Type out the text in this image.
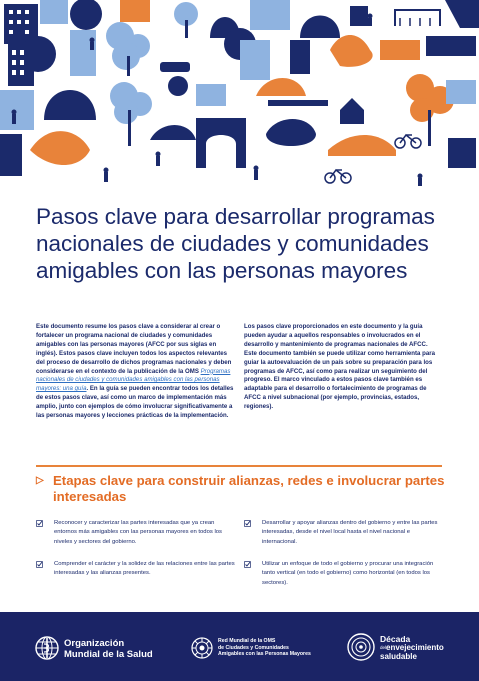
Pasos clave para desarrollar programas nacionales de ciudades y comunidades amigables con las personas mayores

Este documento resume los pasos clave a considerar al crear o fortalecer un programa nacional de ciudades y comunidades amigables con las personas mayores (AFCC por sus siglas en inglés). Estos pasos clave incluyen todos los aspectos relevantes del proceso de desarrollo de dichos programas nacionales y deben considerarse en el contexto de la publicación de la OMS Programas nacionales de ciudades y comunidades amigables con las personas mayores: una guía. En la guía se pueden encontrar todos los detalles de estos pasos clave, así como un marco de implementación más amplio, junto con ejemplos de cómo involucrar significativamente a las personas mayores y lecciones prácticas de la implementación.

Los pasos clave proporcionados en este documento y la guía pueden ayudar a aquellos responsables o involucrados en el desarrollo y mantenimiento de programas nacionales de AFCC. Este documento también se puede utilizar como herramienta para guiar la autoevaluación de un país sobre su preparación para los programas de AFCC, así como para realizar un seguimiento del progreso. El marco vinculado a estos pasos clave también es adaptable para el desarrollo o fortalecimiento de programas de AFCC a nivel subnacional (por ejemplo, provincias, estados, regiones).

▷ Etapas clave para construir alianzas, redes e involucrar partes interesadas
Reconocer y caracterizar las partes interesadas que ya crean entornos más amigables con las personas mayores en todos los niveles y sectores del gobierno.
Comprender el carácter y la solidez de las relaciones entre las partes interesadas y las alianzas presentes.
Desarrollar y apoyar alianzas dentro del gobierno y entre las partes interesadas, desde el nivel local hasta el nivel nacional e internacional.
Utilizar un enfoque de todo el gobierno y procurar una integración tanto vertical (en todo el gobierno) como horizontal (en todos los sectores).
Organización
Mundial de la Salud
Red Mundial de la OMS
de Ciudades y Comunidades
Amigables con las Personas Mayores
Década
$^{del}$envejecimiento
saludable
